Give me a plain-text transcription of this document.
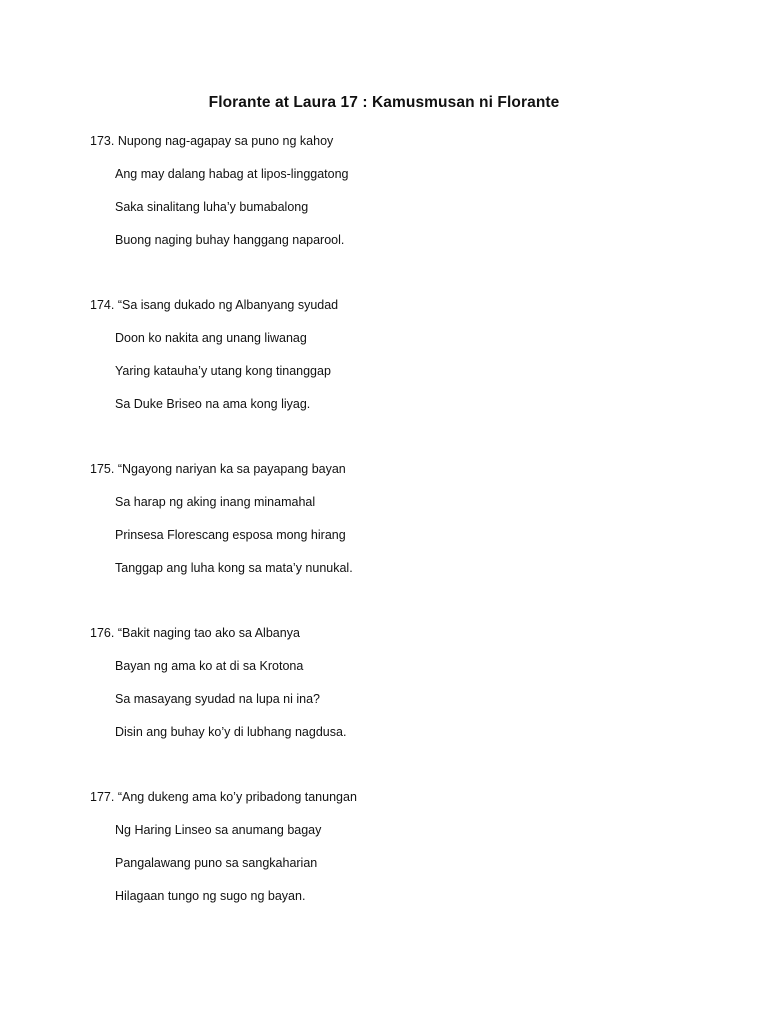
Florante at Laura 17 : Kamusmusan ni Florante
173. Nupong nag-agapay sa puno ng kahoy
Ang may dalang habag at lipos-linggatong
Saka sinalitang luha’y bumabalong
Buong naging buhay hanggang naparool.
174. “Sa isang dukado ng Albanyang syudad
Doon ko nakita ang unang liwanag
Yaring katauha’y utang kong tinanggap
Sa Duke Briseo na ama kong liyag.
175. “Ngayong nariyan ka sa payapang bayan
Sa harap ng aking inang minamahal
Prinsesa Florescang esposa mong hirang
Tanggap ang luha kong sa mata’y nunukal.
176. “Bakit naging tao ako sa Albanya
Bayan ng ama ko at di sa Krotona
Sa masayang syudad na lupa ni ina?
Disin ang buhay ko’y di lubhang nagdusa.
177. “Ang dukeng ama ko’y pribadong tanungan
Ng Haring Linseo sa anumang bagay
Pangalawang puno sa sangkaharian
Hilagaan tungo ng sugo ng bayan.
